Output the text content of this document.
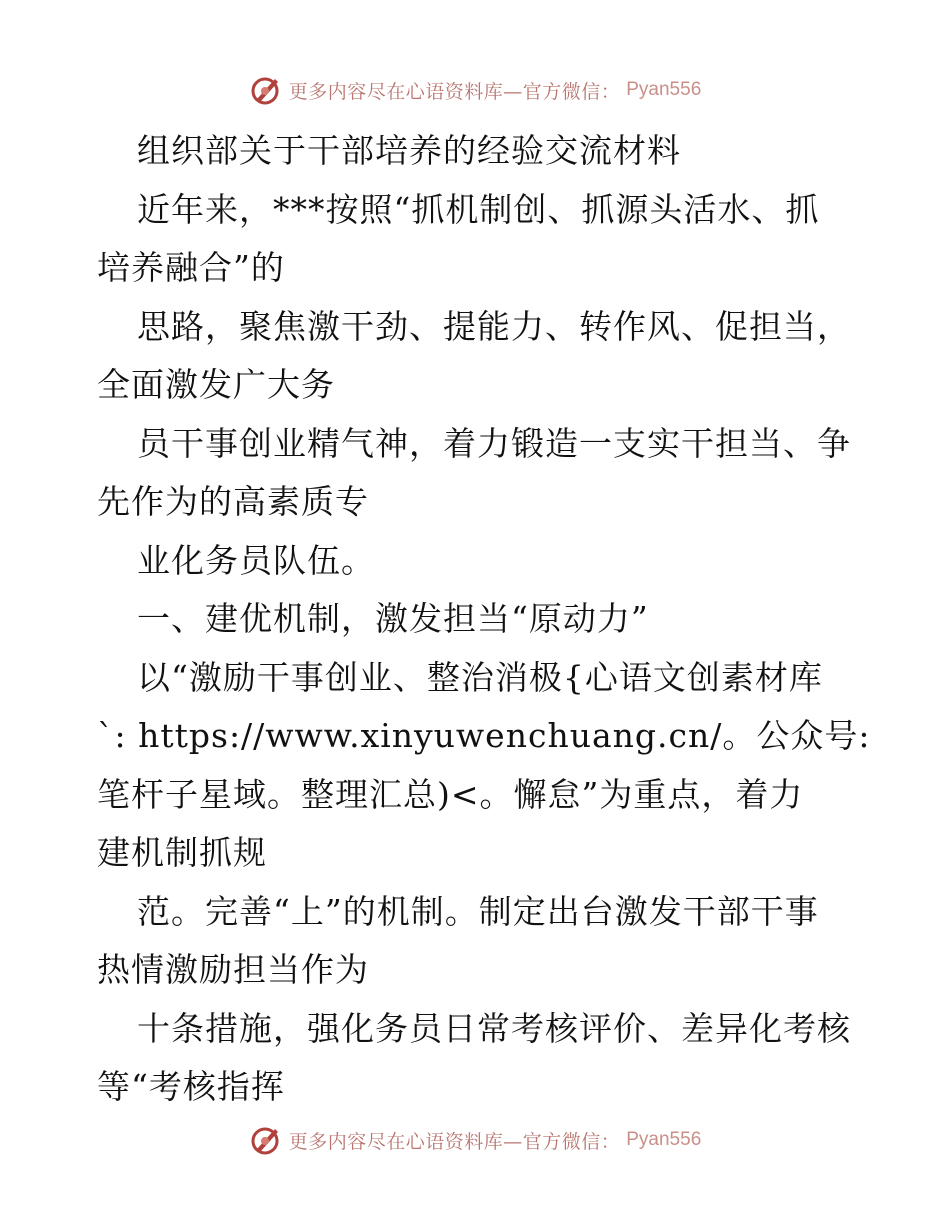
更多内容尽在心语资料库—官方微信： Pyan556
组织部关于干部培养的经验交流材料
近年来，***按照“抓机制创、抓源头活水、抓
培养融合”的
思路，聚焦激干劲、提能力、转作风、促担当，
全面激发广大务
员干事创业精气神，着力锻造一支实干担当、争
先作为的高素质专
业化务员队伍。
一、建优机制，激发担当“原动力”
以“激励干事创业、整治消极{心语文创素材库
`: https://www.xinyuwenchuang.cn/。公众号:
笔杆子星域。整理汇总)<。懈怠”为重点，着力
建机制抓规
范。完善“上”的机制。制定出台激发干部干事
热情激励担当作为
十条措施，强化务员日常考核评价、差异化考核
等“考核指挥
更多内容尽在心语资料库—官方微信： Pyan556
